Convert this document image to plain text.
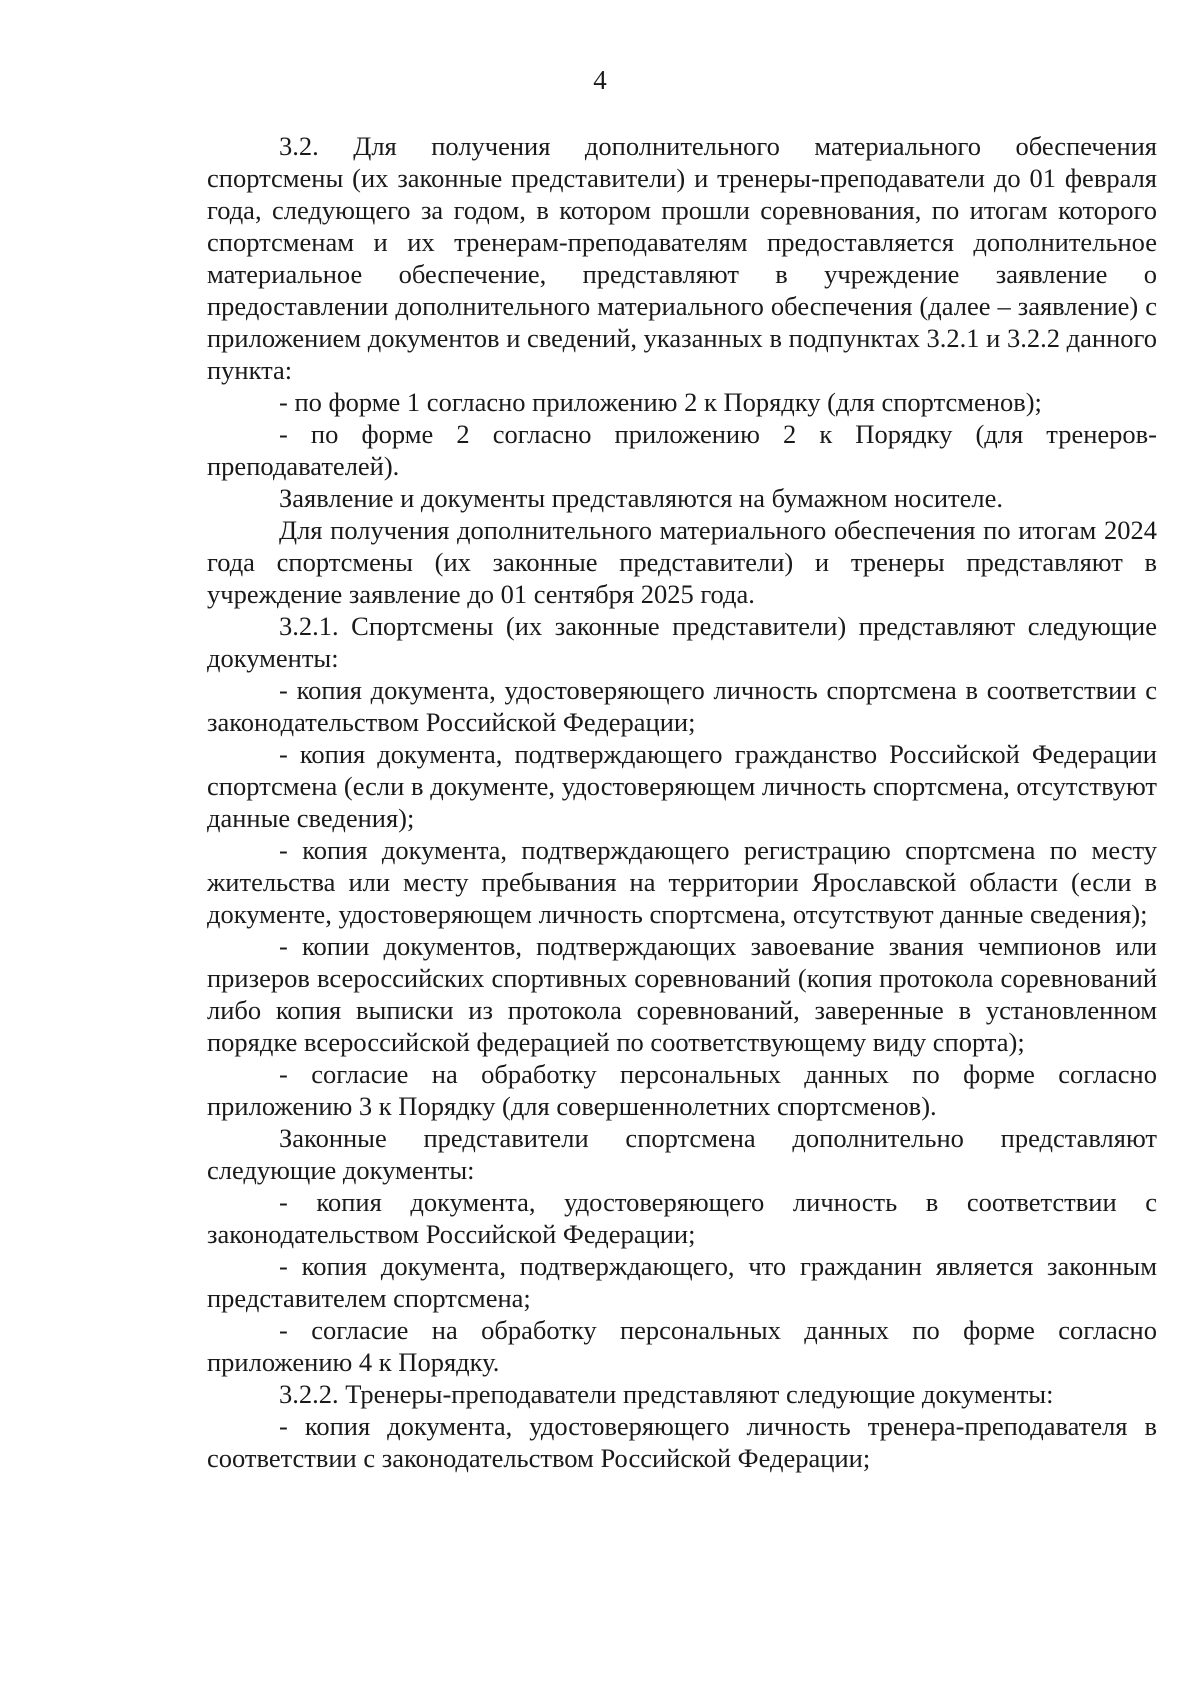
4

3.2. Для получения дополнительного материального обеспечения спортсмены (их законные представители) и тренеры-преподаватели до 01 февраля года, следующего за годом, в котором прошли соревнования, по итогам которого спортсменам и их тренерам-преподавателям предоставляется дополнительное материальное обеспечение, представляют в учреждение заявление о предоставлении дополнительного материального обеспечения (далее – заявление) с приложением документов и сведений, указанных в подпунктах 3.2.1 и 3.2.2 данного пункта:

- по форме 1 согласно приложению 2 к Порядку (для спортсменов);

- по форме 2 согласно приложению 2 к Порядку (для тренеров-преподавателей).

Заявление и документы представляются на бумажном носителе.

Для получения дополнительного материального обеспечения по итогам 2024 года спортсмены (их законные представители) и тренеры представляют в учреждение заявление до 01 сентября 2025 года.

3.2.1. Спортсмены (их законные представители) представляют следующие документы:

- копия документа, удостоверяющего личность спортсмена в соответствии с законодательством Российской Федерации;

- копия документа, подтверждающего гражданство Российской Федерации спортсмена (если в документе, удостоверяющем личность спортсмена, отсутствуют данные сведения);

- копия документа, подтверждающего регистрацию спортсмена по месту жительства или месту пребывания на территории Ярославской области (если в документе, удостоверяющем личность спортсмена, отсутствуют данные сведения);

- копии документов, подтверждающих завоевание звания чемпионов или призеров всероссийских спортивных соревнований (копия протокола соревнований либо копия выписки из протокола соревнований, заверенные в установленном порядке всероссийской федерацией по соответствующему виду спорта);

- согласие на обработку персональных данных по форме согласно приложению 3 к Порядку (для совершеннолетних спортсменов).

Законные представители спортсмена дополнительно представляют следующие документы:

- копия документа, удостоверяющего личность в соответствии с законодательством Российской Федерации;

- копия документа, подтверждающего, что гражданин является законным представителем спортсмена;

- согласие на обработку персональных данных по форме согласно приложению 4 к Порядку.

3.2.2. Тренеры-преподаватели представляют следующие документы:

- копия документа, удостоверяющего личность тренера-преподавателя в соответствии с законодательством Российской Федерации;
